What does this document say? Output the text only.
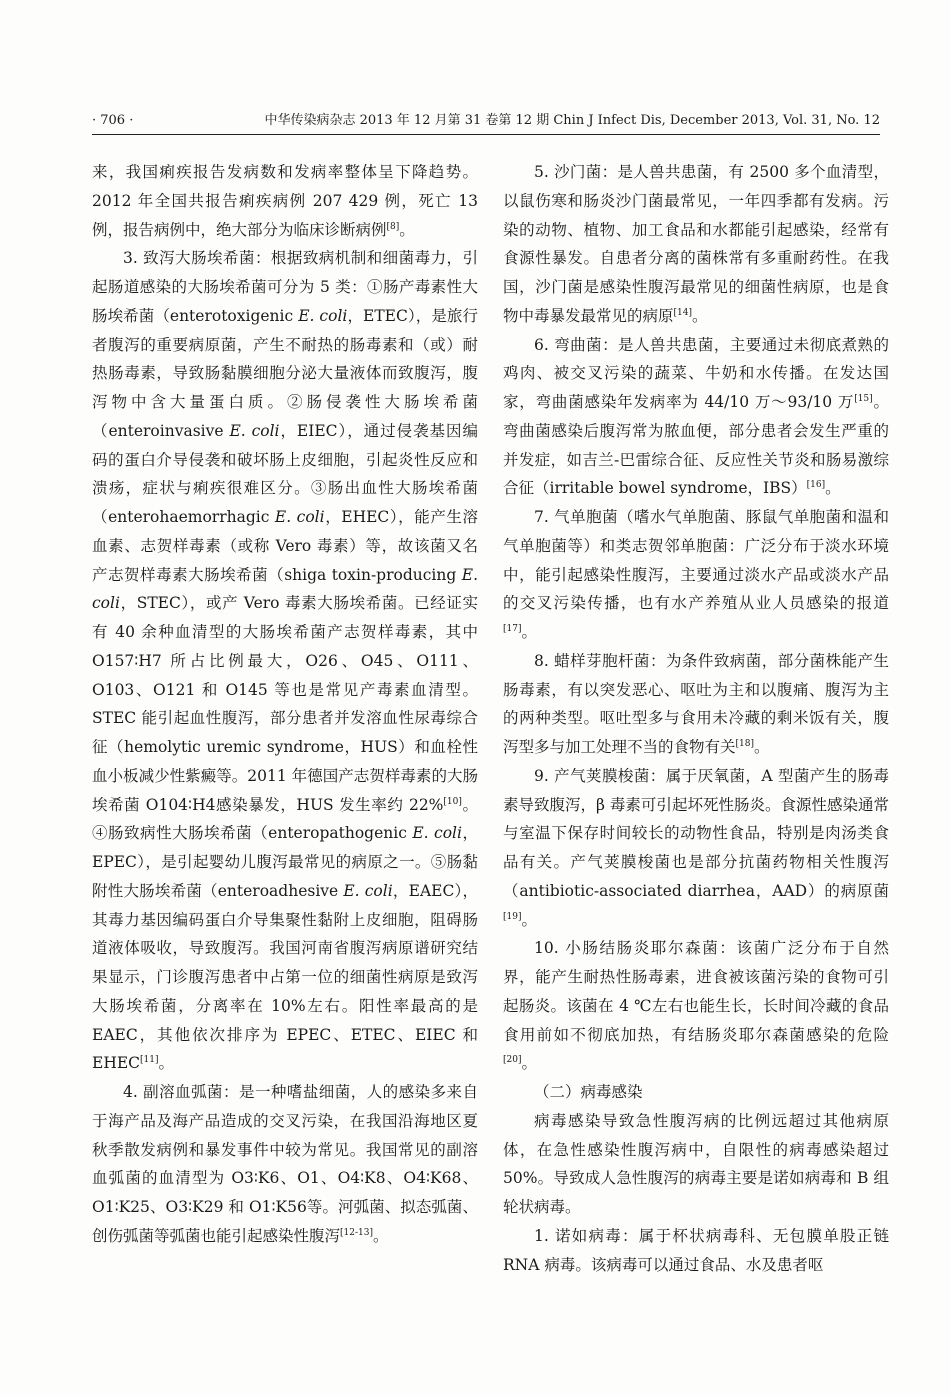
· 706 ·	中华传染病杂志 2013 年 12 月第 31 卷第 12 期 Chin J Infect Dis, December 2013, Vol. 31, No. 12

来，我国痢疾报告发病数和发病率整体呈下降趋势。2012 年全国共报告痢疾病例 207 429 例，死亡 13 例，报告病例中，绝大部分为临床诊断病例[8]。

3. 致泻大肠埃希菌：根据致病机制和细菌毒力，引起肠道感染的大肠埃希菌可分为 5 类：①肠产毒素性大肠埃希菌（enterotoxigenic E. coli，ETEC），是旅行者腹泻的重要病原菌，产生不耐热的肠毒素和（或）耐热肠毒素，导致肠黏膜细胞分泌大量液体而致腹泻，腹泻物中含大量蛋白质。②肠侵袭性大肠埃希菌（enteroinvasive E. coli，EIEC），通过侵袭基因编码的蛋白介导侵袭和破坏肠上皮细胞，引起炎性反应和溃疡，症状与痢疾很难区分。③肠出血性大肠埃希菌（enterohaemorrhagic E. coli，EHEC），能产生溶血素、志贺样毒素（或称 Vero 毒素）等，故该菌又名产志贺样毒素大肠埃希菌（shiga toxin-producing E. coli，STEC），或产 Vero 毒素大肠埃希菌。已经证实有 40 余种血清型的大肠埃希菌产志贺样毒素，其中 O157∶H7 所占比例最大，O26、O45、O111、O103、O121 和 O145 等也是常见产毒素血清型。STEC 能引起血性腹泻，部分患者并发溶血性尿毒综合征（hemolytic uremic syndrome，HUS）和血栓性血小板减少性紫癜等。2011 年德国产志贺样毒素的大肠埃希菌 O104∶H4感染暴发，HUS 发生率约 22%[10]。④肠致病性大肠埃希菌（enteropathogenic E. coli，EPEC），是引起婴幼儿腹泻最常见的病原之一。⑤肠黏附性大肠埃希菌（enteroadhesive E. coli，EAEC），其毒力基因编码蛋白介导集聚性黏附上皮细胞，阻碍肠道液体吸收，导致腹泻。我国河南省腹泻病原谱研究结果显示，门诊腹泻患者中占第一位的细菌性病原是致泻大肠埃希菌，分离率在 10%左右。阳性率最高的是 EAEC，其他依次排序为 EPEC、ETEC、EIEC 和 EHEC[11]。

4. 副溶血弧菌：是一种嗜盐细菌，人的感染多来自于海产品及海产品造成的交叉污染，在我国沿海地区夏秋季散发病例和暴发事件中较为常见。我国常见的副溶血弧菌的血清型为 O3∶K6、O1、O4∶K8、O4∶K68、O1∶K25、O3∶K29 和 O1∶K56等。河弧菌、拟态弧菌、创伤弧菌等弧菌也能引起感染性腹泻[12-13]。

5. 沙门菌：是人兽共患菌，有 2500 多个血清型，以鼠伤寒和肠炎沙门菌最常见，一年四季都有发病。污染的动物、植物、加工食品和水都能引起感染，经常有食源性暴发。自患者分离的菌株常有多重耐药性。在我国，沙门菌是感染性腹泻最常见的细菌性病原，也是食物中毒暴发最常见的病原[14]。

6. 弯曲菌：是人兽共患菌，主要通过未彻底煮熟的鸡肉、被交叉污染的蔬菜、牛奶和水传播。在发达国家，弯曲菌感染年发病率为 44/10 万～93/10 万[15]。弯曲菌感染后腹泻常为脓血便，部分患者会发生严重的并发症，如吉兰-巴雷综合征、反应性关节炎和肠易激综合征（irritable bowel syndrome，IBS）[16]。

7. 气单胞菌（嗜水气单胞菌、豚鼠气单胞菌和温和气单胞菌等）和类志贺邻单胞菌：广泛分布于淡水环境中，能引起感染性腹泻，主要通过淡水产品或淡水产品的交叉污染传播，也有水产养殖从业人员感染的报道[17]。

8. 蜡样芽胞杆菌：为条件致病菌，部分菌株能产生肠毒素，有以突发恶心、呕吐为主和以腹痛、腹泻为主的两种类型。呕吐型多与食用未冷藏的剩米饭有关，腹泻型多与加工处理不当的食物有关[18]。

9. 产气荚膜梭菌：属于厌氧菌，A 型菌产生的肠毒素导致腹泻，β 毒素可引起坏死性肠炎。食源性感染通常与室温下保存时间较长的动物性食品，特别是肉汤类食品有关。产气荚膜梭菌也是部分抗菌药物相关性腹泻（antibiotic-associated diarrhea，AAD）的病原菌[19]。

10. 小肠结肠炎耶尔森菌：该菌广泛分布于自然界，能产生耐热性肠毒素，进食被该菌污染的食物可引起肠炎。该菌在 4 ℃左右也能生长，长时间冷藏的食品食用前如不彻底加热，有结肠炎耶尔森菌感染的危险[20]。

（二）病毒感染

病毒感染导致急性腹泻病的比例远超过其他病原体，在急性感染性腹泻病中，自限性的病毒感染超过 50%。导致成人急性腹泻的病毒主要是诺如病毒和 B 组轮状病毒。

1. 诺如病毒：属于杯状病毒科、无包膜单股正链 RNA 病毒。该病毒可以通过食品、水及患者呕
